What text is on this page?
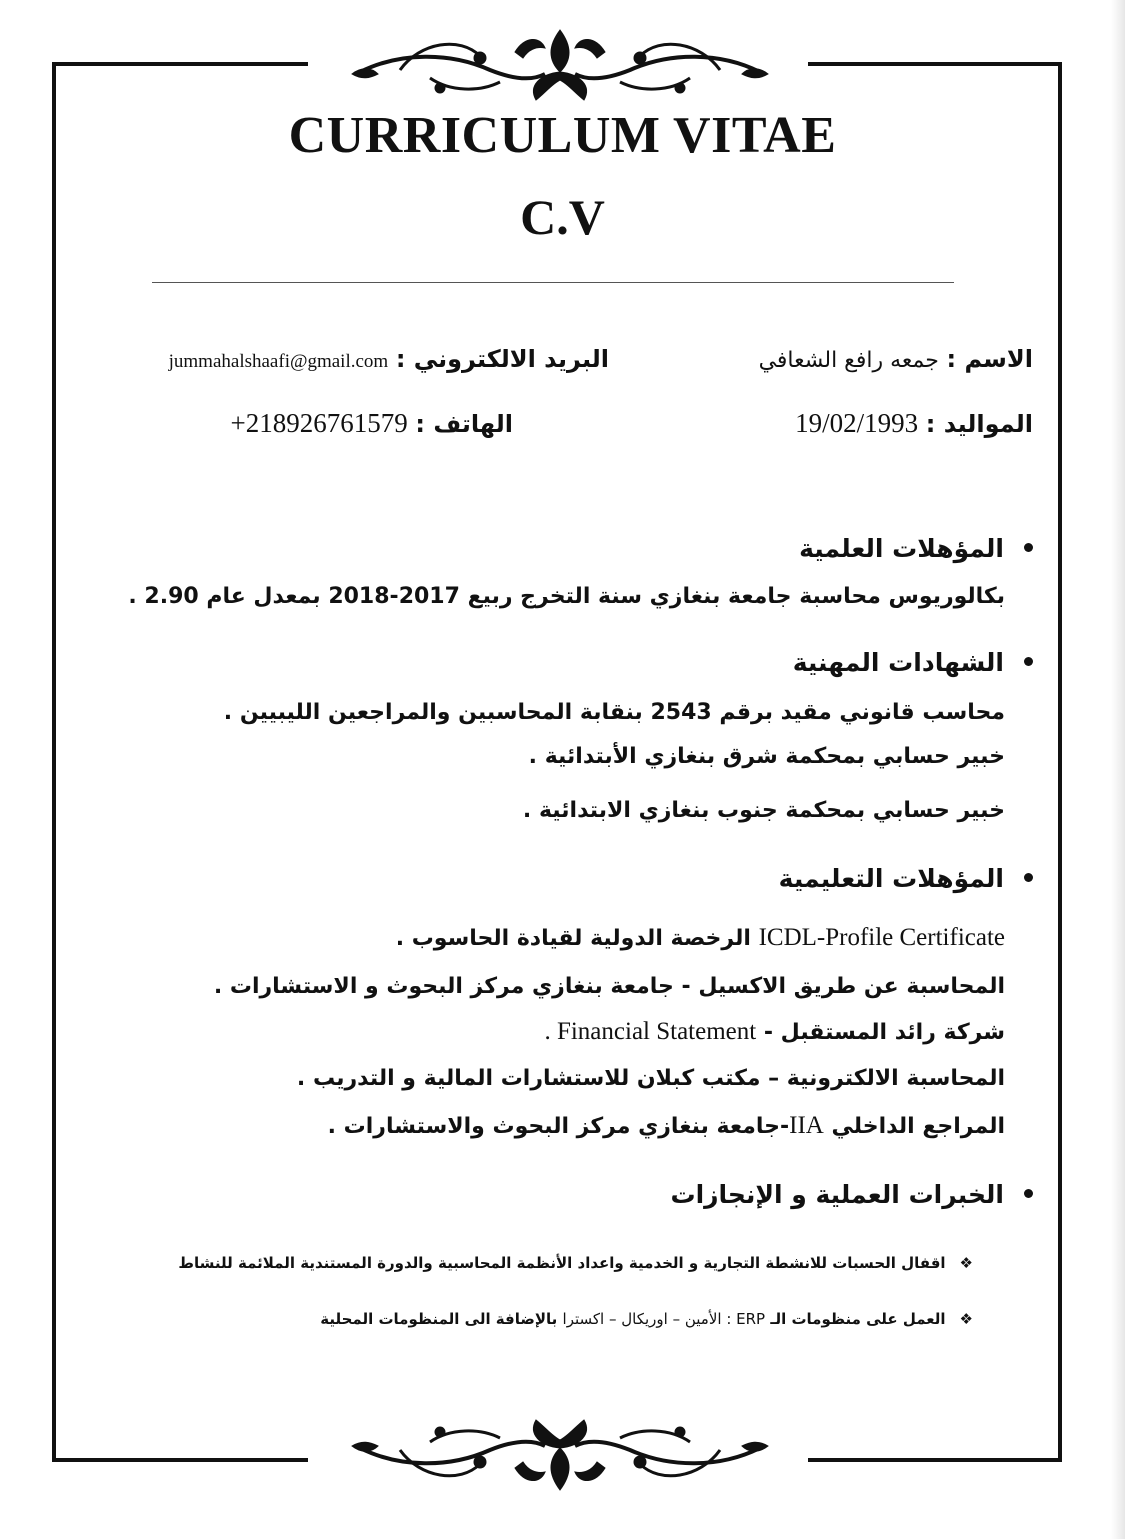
CURRICULUM VITAE
C.V
الاسم : جمعه رافع الشعافي
البريد الالكتروني : jummahalshaafi@gmail.com
المواليد : 19/02/1993
الهاتف : +218926761579
المؤهلات العلمية
بكالوريوس محاسبة جامعة بنغازي سنة التخرج ربيع 2017-2018 بمعدل عام 2.90 .
الشهادات المهنية
محاسب قانوني مقيد برقم 2543 بنقابة المحاسبين والمراجعين الليبيين .
خبير حسابي بمحكمة شرق بنغازي الأبتدائية .
خبير حسابي بمحكمة جنوب بنغازي الابتدائية .
المؤهلات التعليمية
ICDL-Profile Certificate الرخصة الدولية لقيادة الحاسوب .
المحاسبة عن طريق الاكسيل - جامعة بنغازي مركز البحوث و الاستشارات .
شركة رائد المستقبل - Financial Statement .
المحاسبة الالكترونية – مكتب كبلان للاستشارات المالية و التدريب .
المراجع الداخلي IIA-جامعة بنغازي مركز البحوث والاستشارات .
الخبرات العملية و الإنجازات
❖اقفال الحسبات للانشطة التجارية و الخدمية واعداد الأنظمة المحاسبية والدورة المستندية الملائمة للنشاط
❖العمل على منظومات الـ ERP : الأمين – اوريكال – اكسترا بالإضافة الى المنظومات المحلية
